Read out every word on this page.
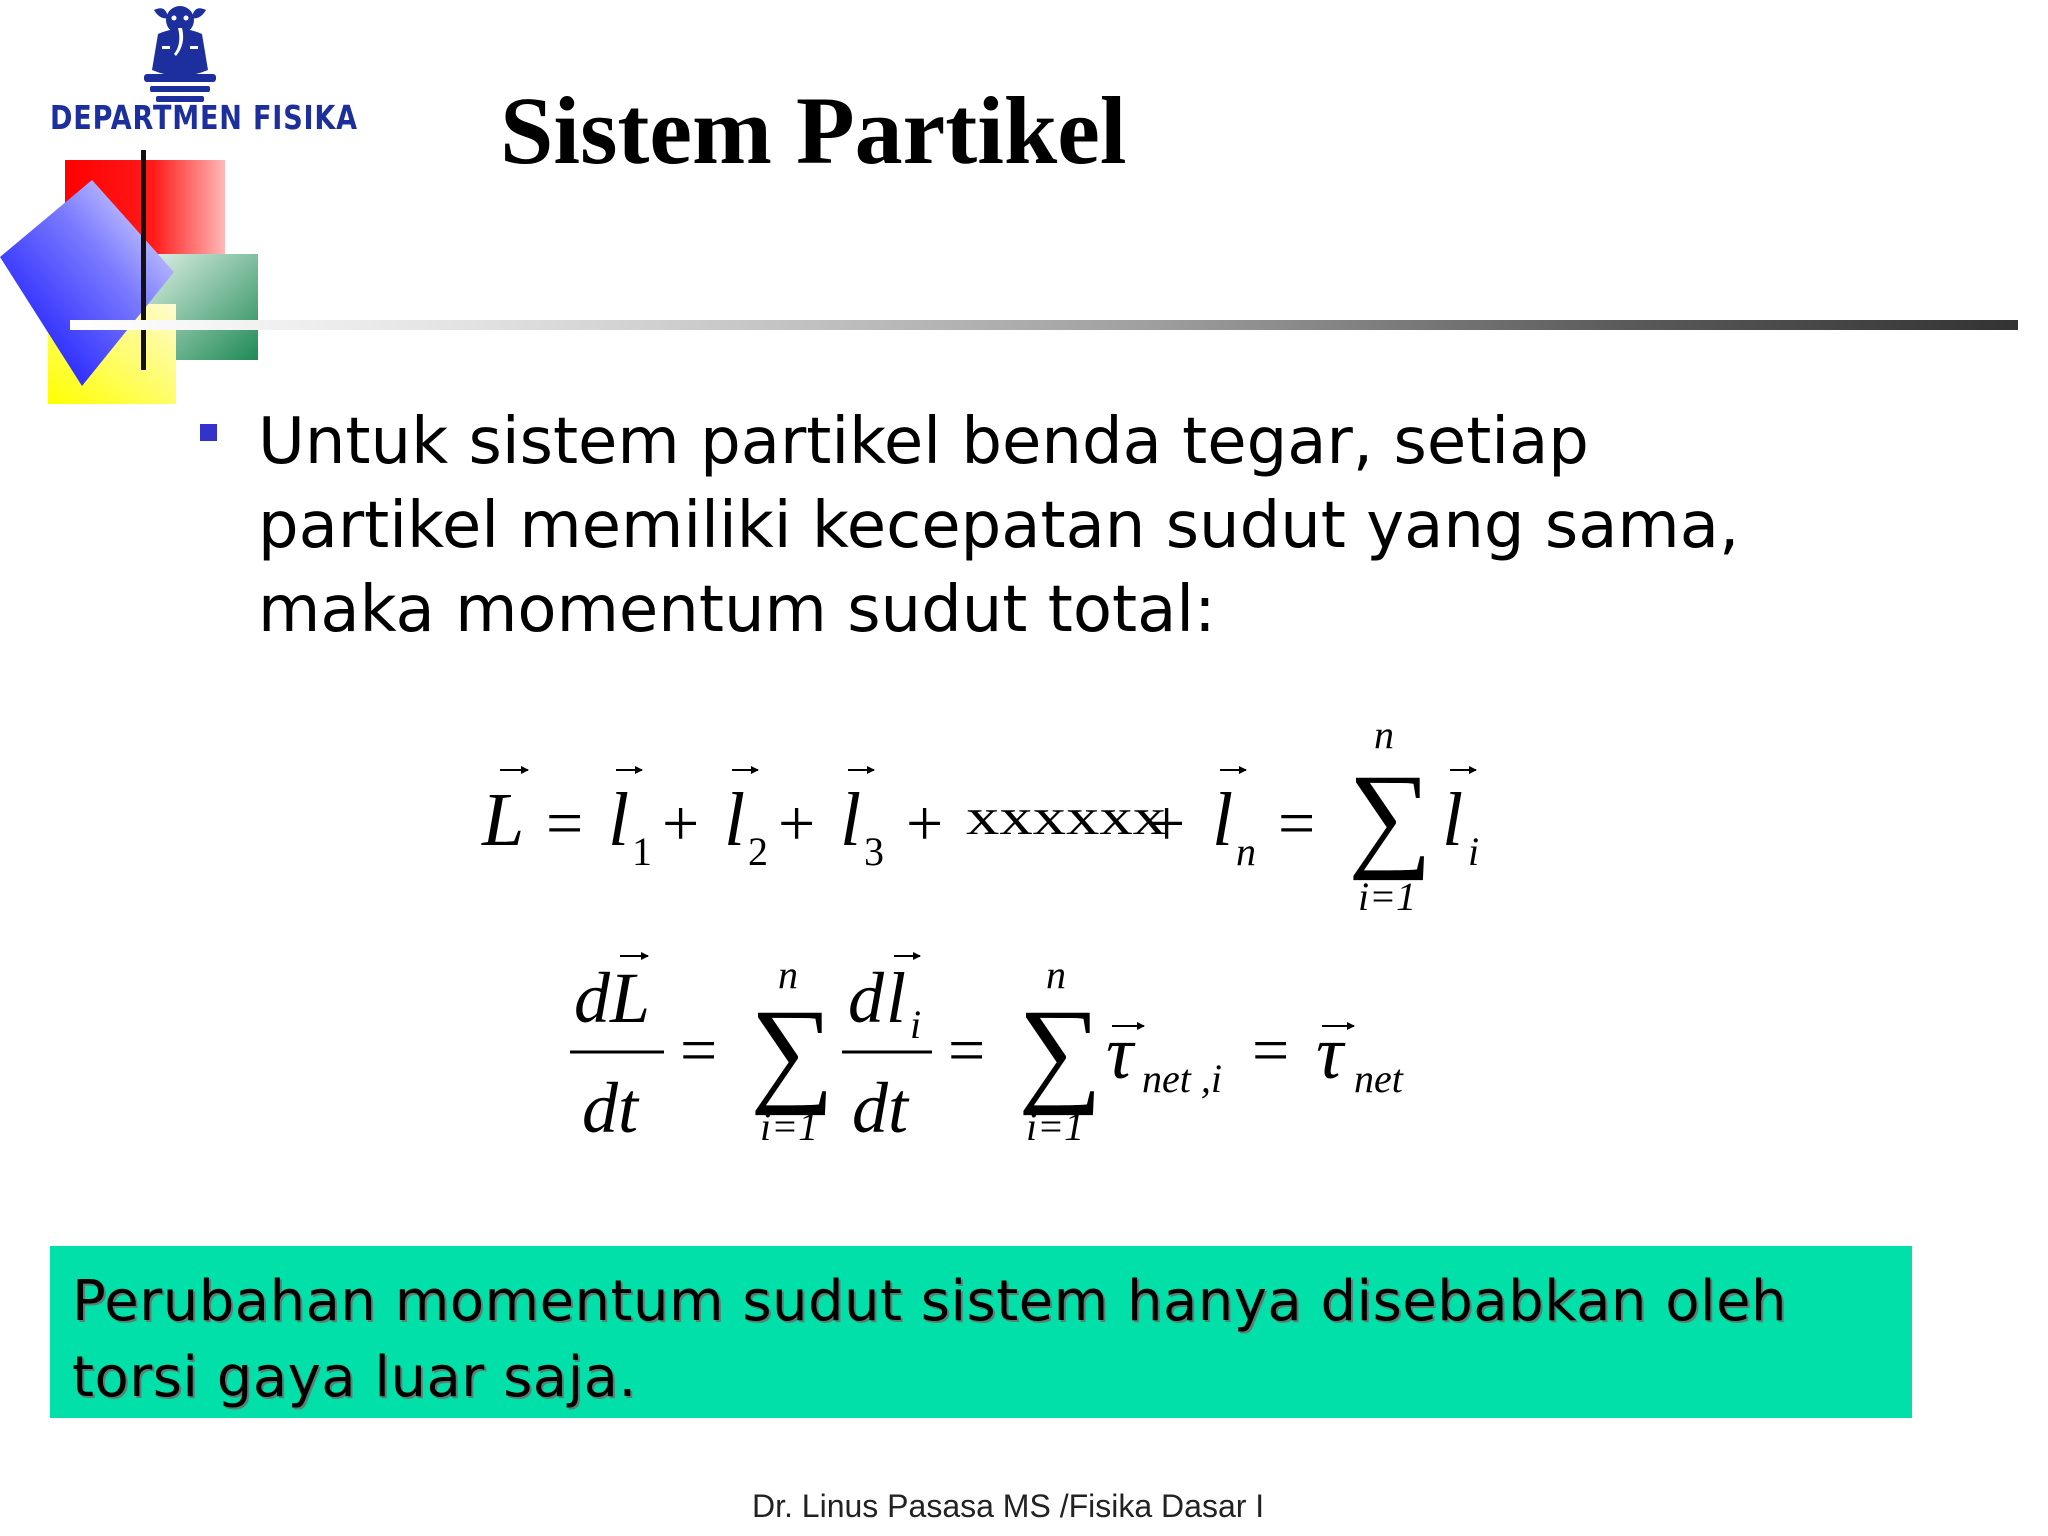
DEPARTMEN FISIKA Sistem Partikel
Untuk sistem partikel benda tegar, setiap partikel memiliki kecepatan sudut yang sama, maka momentum sudut total:
L = l 1 + l 2 + l 3 + xxxxxx
+ l n =
n
∑
i=1
l i
d L
dt
=
n
∑
i=1
d l i
dt
=
n
∑
i=1
τ net ,i = τ net
Perubahan momentum sudut sistem hanya disebabkan oleh
torsi gaya luar saja.
Dr. Linus Pasasa MS /Fisika Dasar I
